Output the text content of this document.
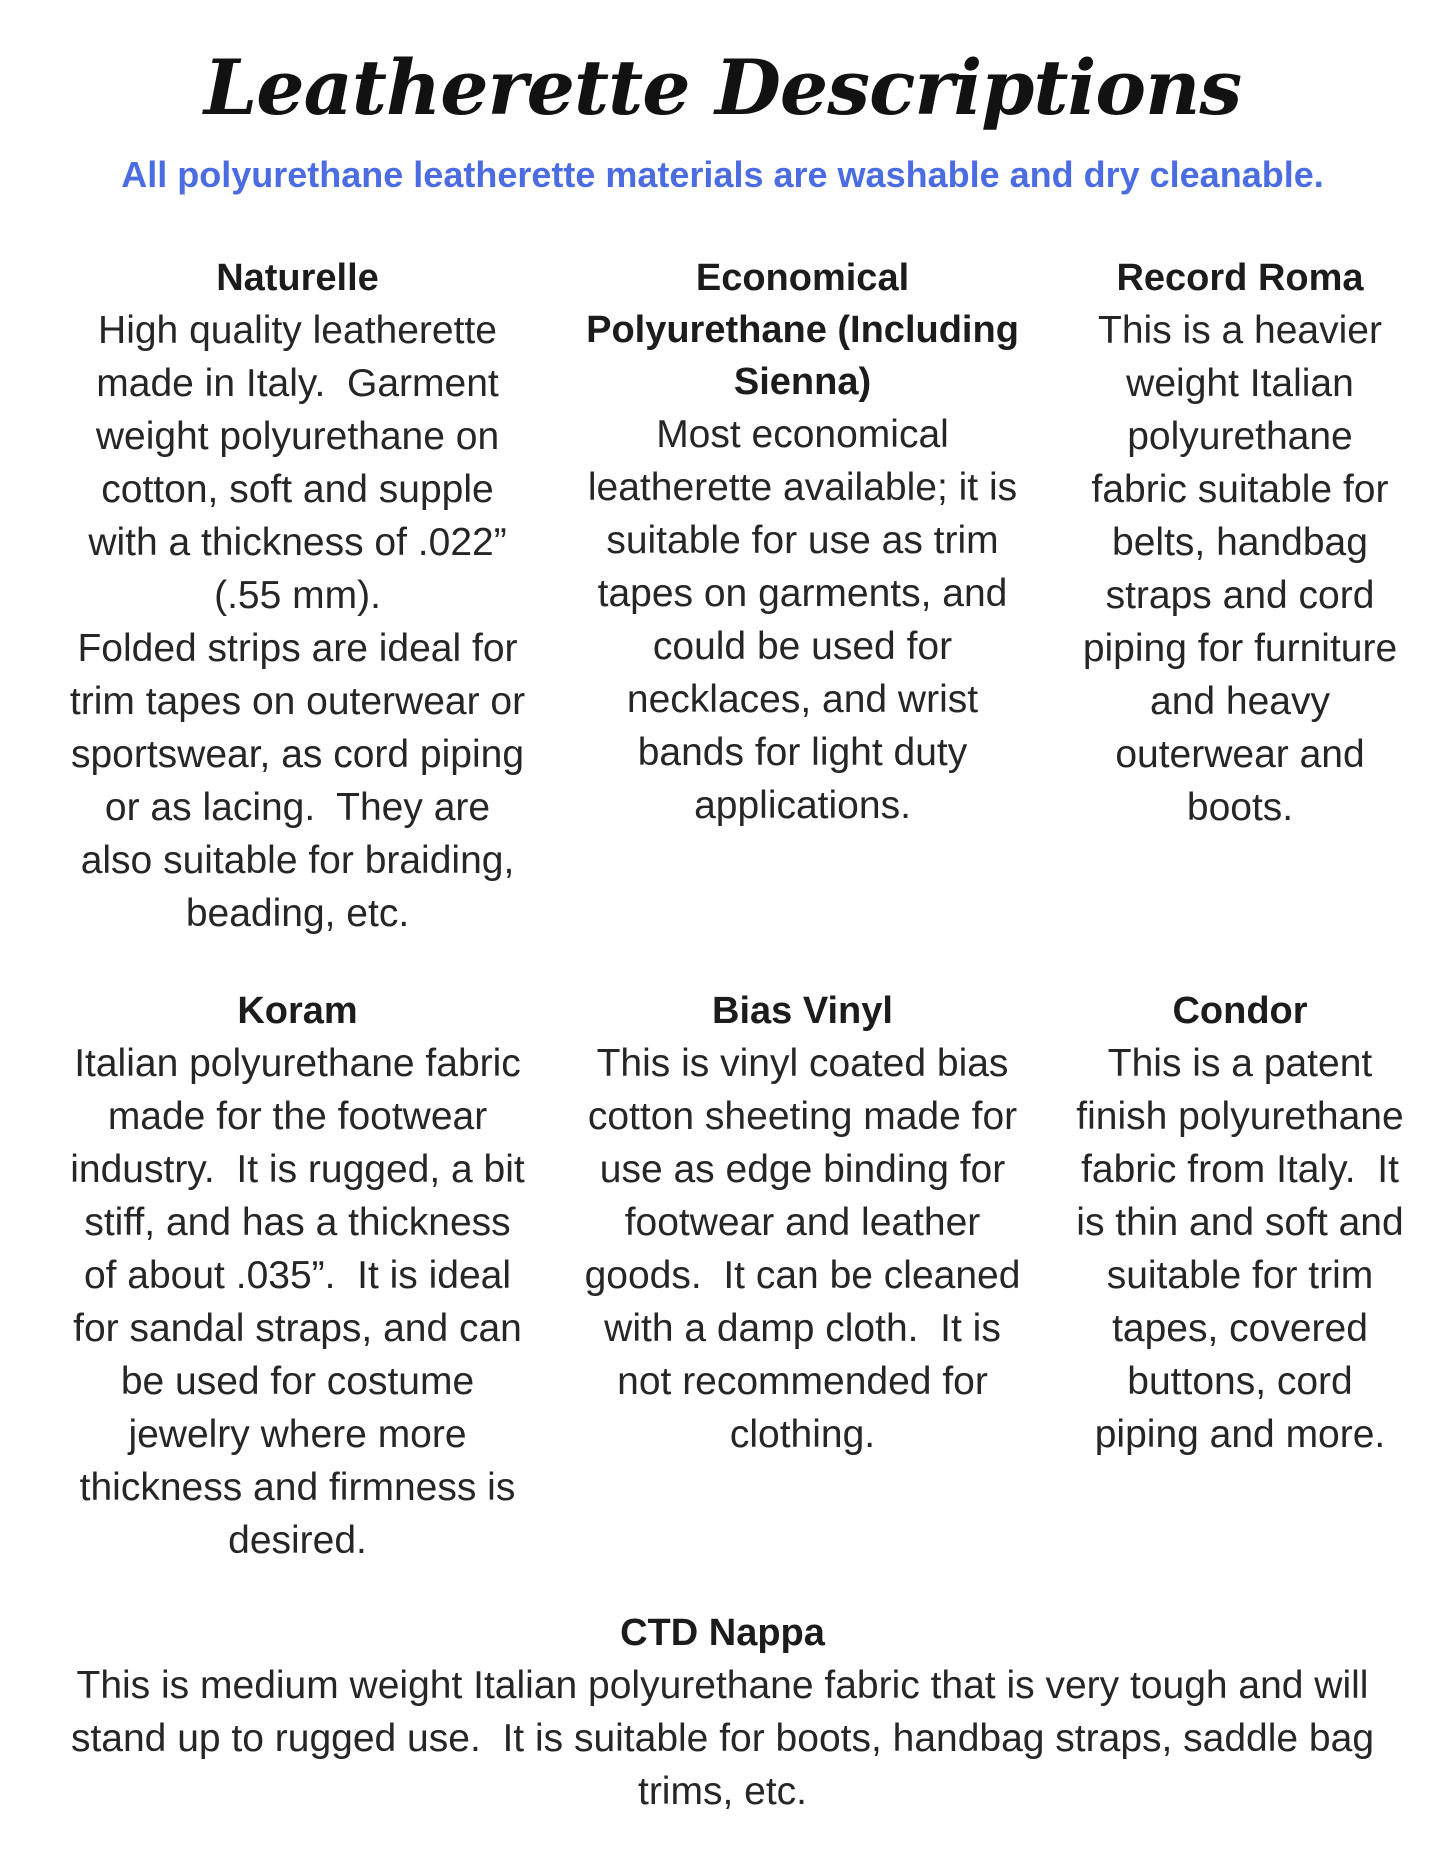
Leatherette Descriptions

All polyurethane leatherette materials are washable and dry cleanable.

Naturelle

High quality leatherette made in Italy.  Garment weight polyurethane on cotton, soft and supple with a thickness of .022” (.55 mm).
Folded strips are ideal for trim tapes on outerwear or sportswear, as cord piping or as lacing.  They are also suitable for braiding, beading, etc.

Economical
Polyurethane (Including
Sienna)

Most economical leatherette available; it is suitable for use as trim tapes on garments, and could be used for necklaces, and wrist bands for light duty applications.

Record Roma

This is a heavier weight Italian polyurethane fabric suitable for belts, handbag straps and cord piping for furniture and heavy outerwear and boots.

Koram

Italian polyurethane fabric made for the footwear industry.  It is rugged, a bit stiff, and has a thickness of about .035”.  It is ideal for sandal straps, and can be used for costume jewelry where more thickness and firmness is desired.

Bias Vinyl

This is vinyl coated bias cotton sheeting made for use as edge binding for footwear and leather goods.  It can be cleaned with a damp cloth.  It is not recommended for clothing.

Condor

This is a patent finish polyurethane fabric from Italy.  It is thin and soft and suitable for trim tapes, covered buttons, cord piping and more.

CTD Nappa

This is medium weight Italian polyurethane fabric that is very tough and will stand up to rugged use.  It is suitable for boots, handbag straps, saddle bag trims, etc.
